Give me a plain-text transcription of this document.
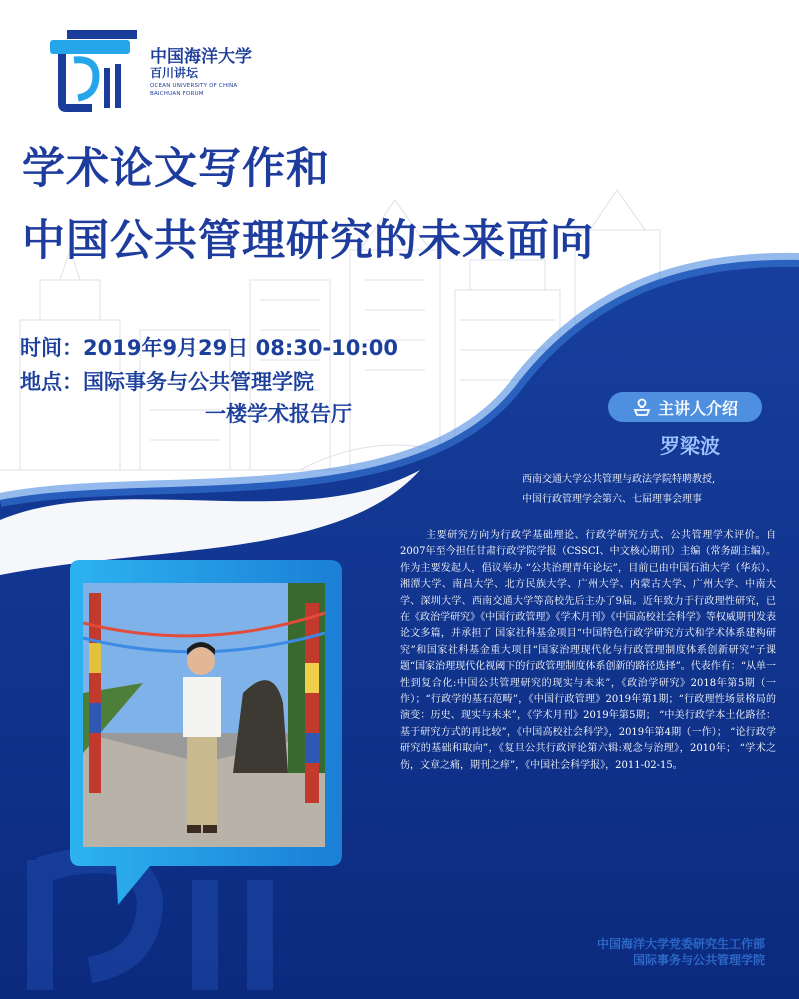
中国海洋大学
百川讲坛
OCEAN UNIVERSITY OF CHINA
BAICHUAN FORUM
学术论文写作和
中国公共管理研究的未来面向
时间：2019年9月29日 08:30-10:00
地点：国际事务与公共管理学院
一楼学术报告厅	主讲人介绍
罗梁波
西南交通大学公共管理与政法学院特聘教授,
中国行政管理学会第六、七届理事会理事
主要研究方向为行政学基础理论、行政学研究方式、公共管理学术评价。自2007年至今担任甘肃行政学院学报（CSSCI、中文核心期刊）主编（常务副主编）。作为主要发起人，倡议举办 “公共治理青年论坛”，目前已由中国石油大学（华东）、湘潭大学、南昌大学、北方民族大学、广州大学、内蒙古大学、广州大学、中南大学、深圳大学、西南交通大学等高校先后主办了9届。近年致力于行政理性研究，已在《政治学研究》《中国行政管理》《学术月刊》《中国高校社会科学》等权威期刊发表论文多篇，并承担了 国家社科基金项目“中国特色行政学研究方式和学术体系建构研究”和国家社科基金重大项目“国家治理现代化与行政管理制度体系创新研究”子课题“国家治理现代化视阈下的行政管理制度体系创新的路径选择”。代表作有：“从单一性到复合化:中国公共管理研究的现实与未来”，《政治学研究》2018年第5期（一作）；“行政学的基石范畴”，《中国行政管理》2019年第1期；“行政理性场景格局的演变：历史、现实与未来”，《学术月刊》2019年第5期； “中美行政学本土化路径：基于研究方式的再比较”，《中国高校社会科学》，2019年第4期（一作）； “论行政学研究的基础和取向”，《复旦公共行政评论第六辑:观念与治理》，2010年； “学术之伤，文章之痛，期刊之痒”，《中国社会科学报》，2011-02-15。
中国海洋大学党委研究生工作部
国际事务与公共管理学院
